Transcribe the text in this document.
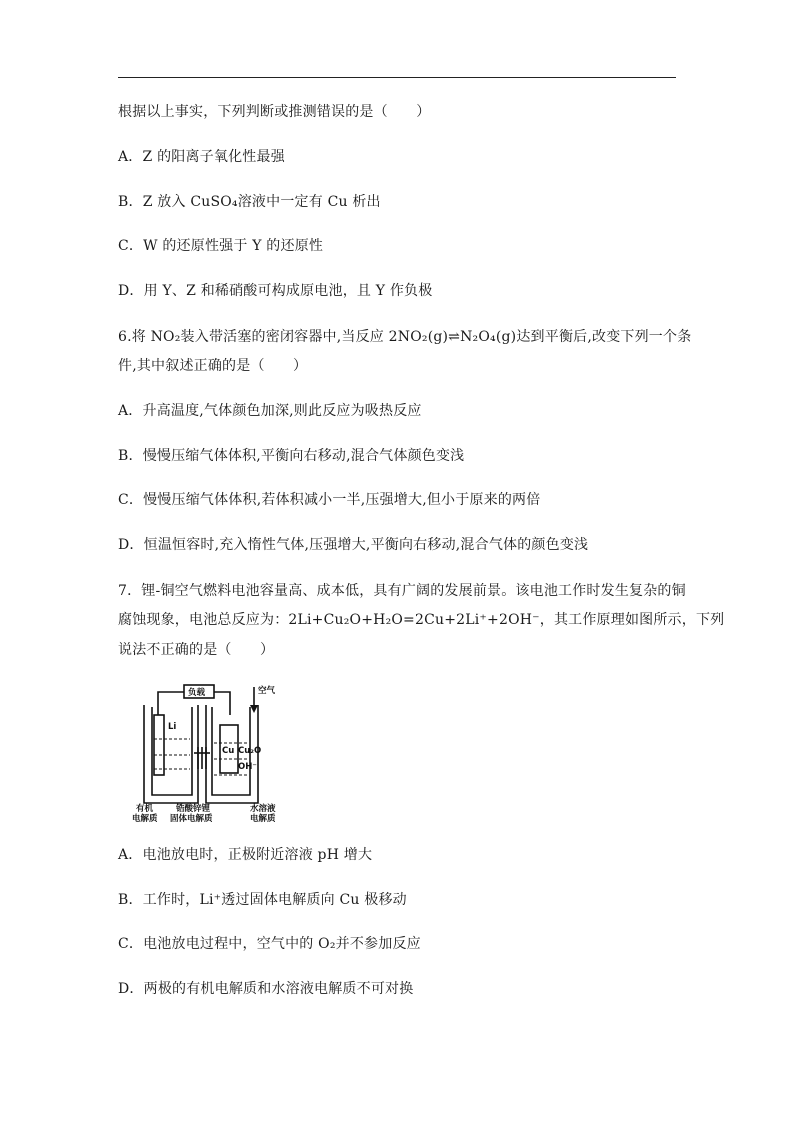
根据以上事实，下列判断或推测错误的是（　　）
A．Z 的阳离子氧化性最强
B．Z 放入 CuSO₄溶液中一定有 Cu 析出
C．W 的还原性强于 Y 的还原性
D．用 Y、Z 和稀硝酸可构成原电池，且 Y 作负极
6.将 NO₂装入带活塞的密闭容器中,当反应 2NO₂(g)⇌N₂O₄(g)达到平衡后,改变下列一个条
件,其中叙述正确的是（　　）
A．升高温度,气体颜色加深,则此反应为吸热反应
B．慢慢压缩气体体积,平衡向右移动,混合气体颜色变浅
C．慢慢压缩气体体积,若体积减小一半,压强增大,但小于原来的两倍
D．恒温恒容时,充入惰性气体,压强增大,平衡向右移动,混合气体的颜色变浅
7．锂-铜空气燃料电池容量高、成本低，具有广阔的发展前景。该电池工作时发生复杂的铜
腐蚀现象，电池总反应为：2Li+Cu₂O+H₂O=2Cu+2Li⁺+2OH⁻，其工作原理如图所示，下列
说法不正确的是（　　）
负载	空气
Li
Cu Cu₂O
OH⁻
有机
电解质
锆酸锌锂
固体电解质
水溶液
电解质
A．电池放电时，正极附近溶液 pH 增大
B．工作时，Li⁺透过固体电解质向 Cu 极移动
C．电池放电过程中，空气中的 O₂并不参加反应
D．两极的有机电解质和水溶液电解质不可对换
